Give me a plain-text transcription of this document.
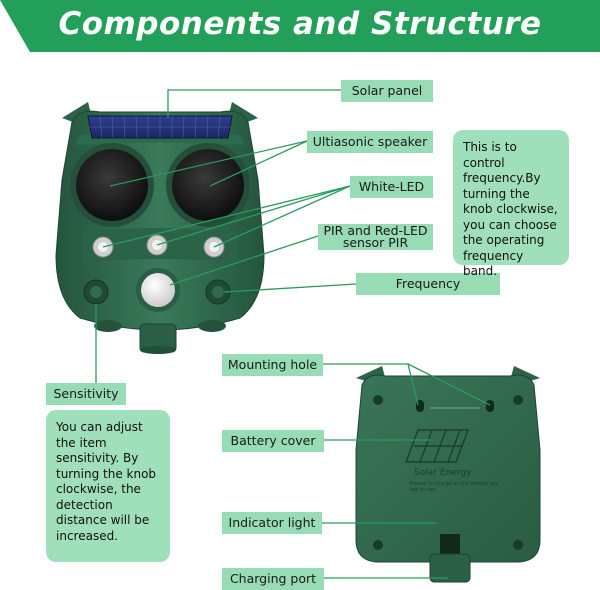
Components and Structure
Solar Energy
Please to charge as the battery are low to use.
Solar panel
Ultiasonic speaker
White-LED
PIR and Red-LED
sensor PIR
Frequency
Sensitivity
Mounting hole
Battery cover
Indicator light
Charging port
This is to control frequency.By turning the knob clockwise, you can choose the operating frequency band.
You can adjust the item sensitivity. By turning the knob clockwise, the detection distance will be increased.
